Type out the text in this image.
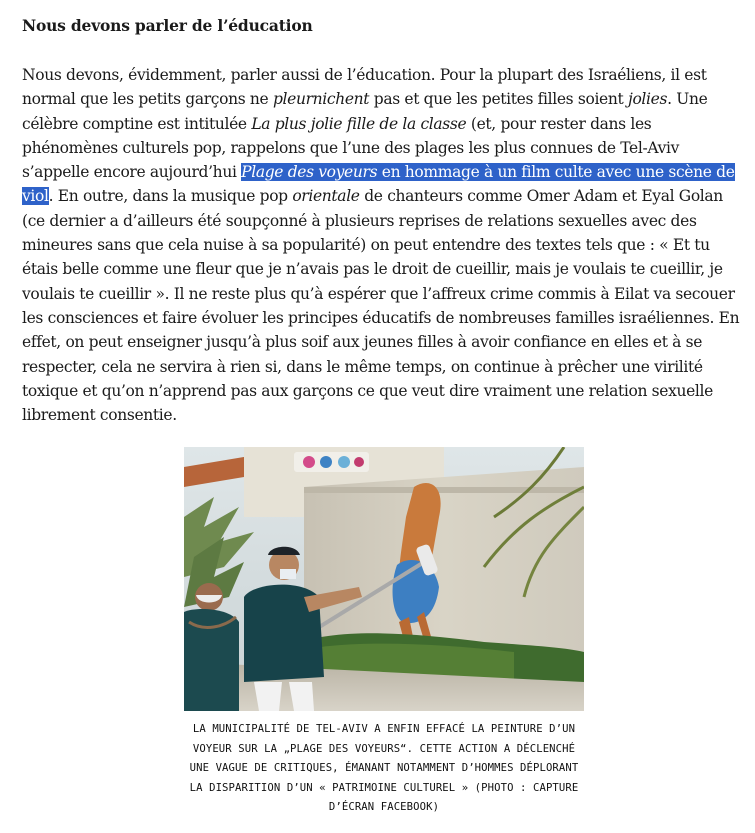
Nous devons parler de l’éducation

Nous devons, évidemment, parler aussi de l’éducation. Pour la plupart des Israéliens, il est normal que les petits garçons ne pleurnichent pas et que les petites filles soient jolies. Une célèbre comptine est intitulée La plus jolie fille de la classe (et, pour rester dans les phénomènes culturels pop, rappelons que l’une des plages les plus connues de Tel-Aviv s’appelle encore aujourd’hui Plage des voyeurs en hommage à un film culte avec une scène de viol. En outre, dans la musique pop orientale de chanteurs comme Omer Adam et Eyal Golan (ce dernier a d’ailleurs été soupçonné à plusieurs reprises de relations sexuelles avec des mineures sans que cela nuise à sa popularité) on peut entendre des textes tels que : « Et tu étais belle comme une fleur que je n’avais pas le droit de cueillir, mais je voulais te cueillir, je voulais te cueillir ». Il ne reste plus qu’à espérer que l’affreux crime commis à Eilat va secouer les consciences et faire évoluer les principes éducatifs de nombreuses familles israéliennes. En effet, on peut enseigner jusqu’à plus soif aux jeunes filles à avoir confiance en elles et à se respecter, cela ne servira à rien si, dans le même temps, on continue à prêcher une virilité toxique et qu’on n’apprend pas aux garçons ce que veut dire vraiment une relation sexuelle librement consentie.

LA MUNICIPALITÉ DE TEL-AVIV A ENFIN EFFACÉ LA PEINTURE D’UN VOYEUR SUR LA „PLAGE DES VOYEURS“. CETTE ACTION A DÉCLENCHÉ UNE VAGUE DE CRITIQUES, ÉMANANT NOTAMMENT D’HOMMES DÉPLORANT LA DISPARITION D’UN « PATRIMOINE CULTUREL » (PHOTO : CAPTURE D’ÉCRAN FACEBOOK)
